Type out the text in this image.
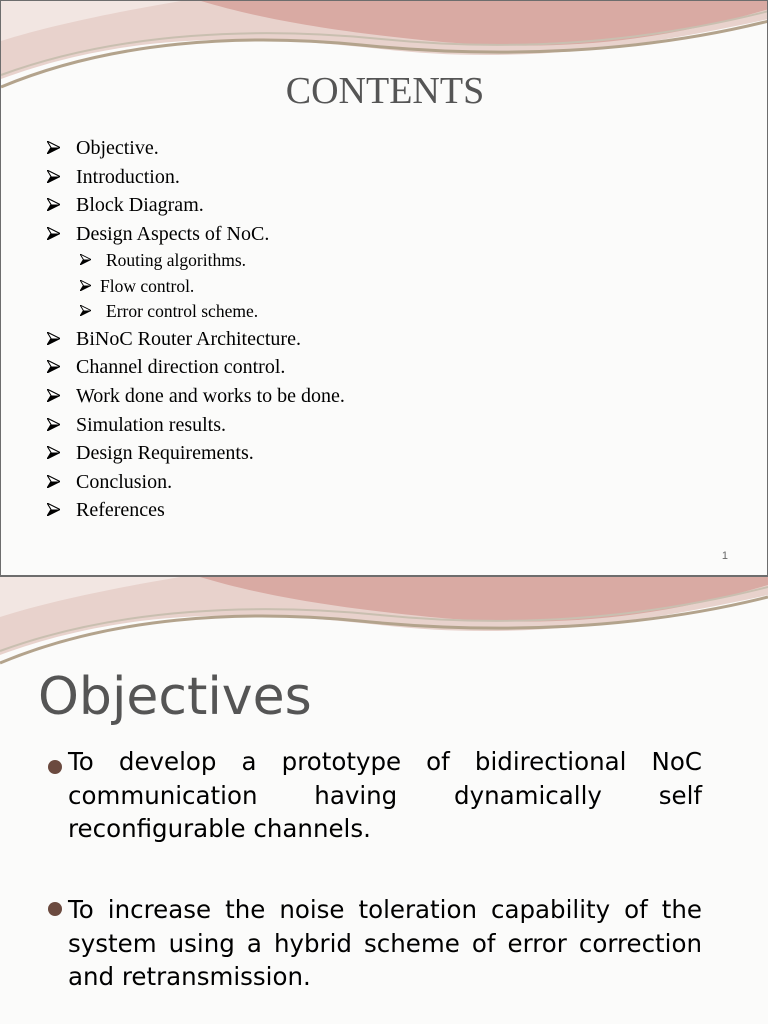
CONTENTS
Objective.
Introduction.
Block Diagram.
Design Aspects of NoC.
Routing algorithms.
Flow control.
Error control scheme.
BiNoC Router Architecture.
Channel direction control.
Work done and works to be done.
Simulation results.
Design Requirements.
Conclusion.
References
1
Objectives
To develop a prototype of bidirectional NoC communication having dynamically self reconfigurable channels.
To increase the noise toleration capability of the system using a hybrid scheme of error correction and retransmission.
